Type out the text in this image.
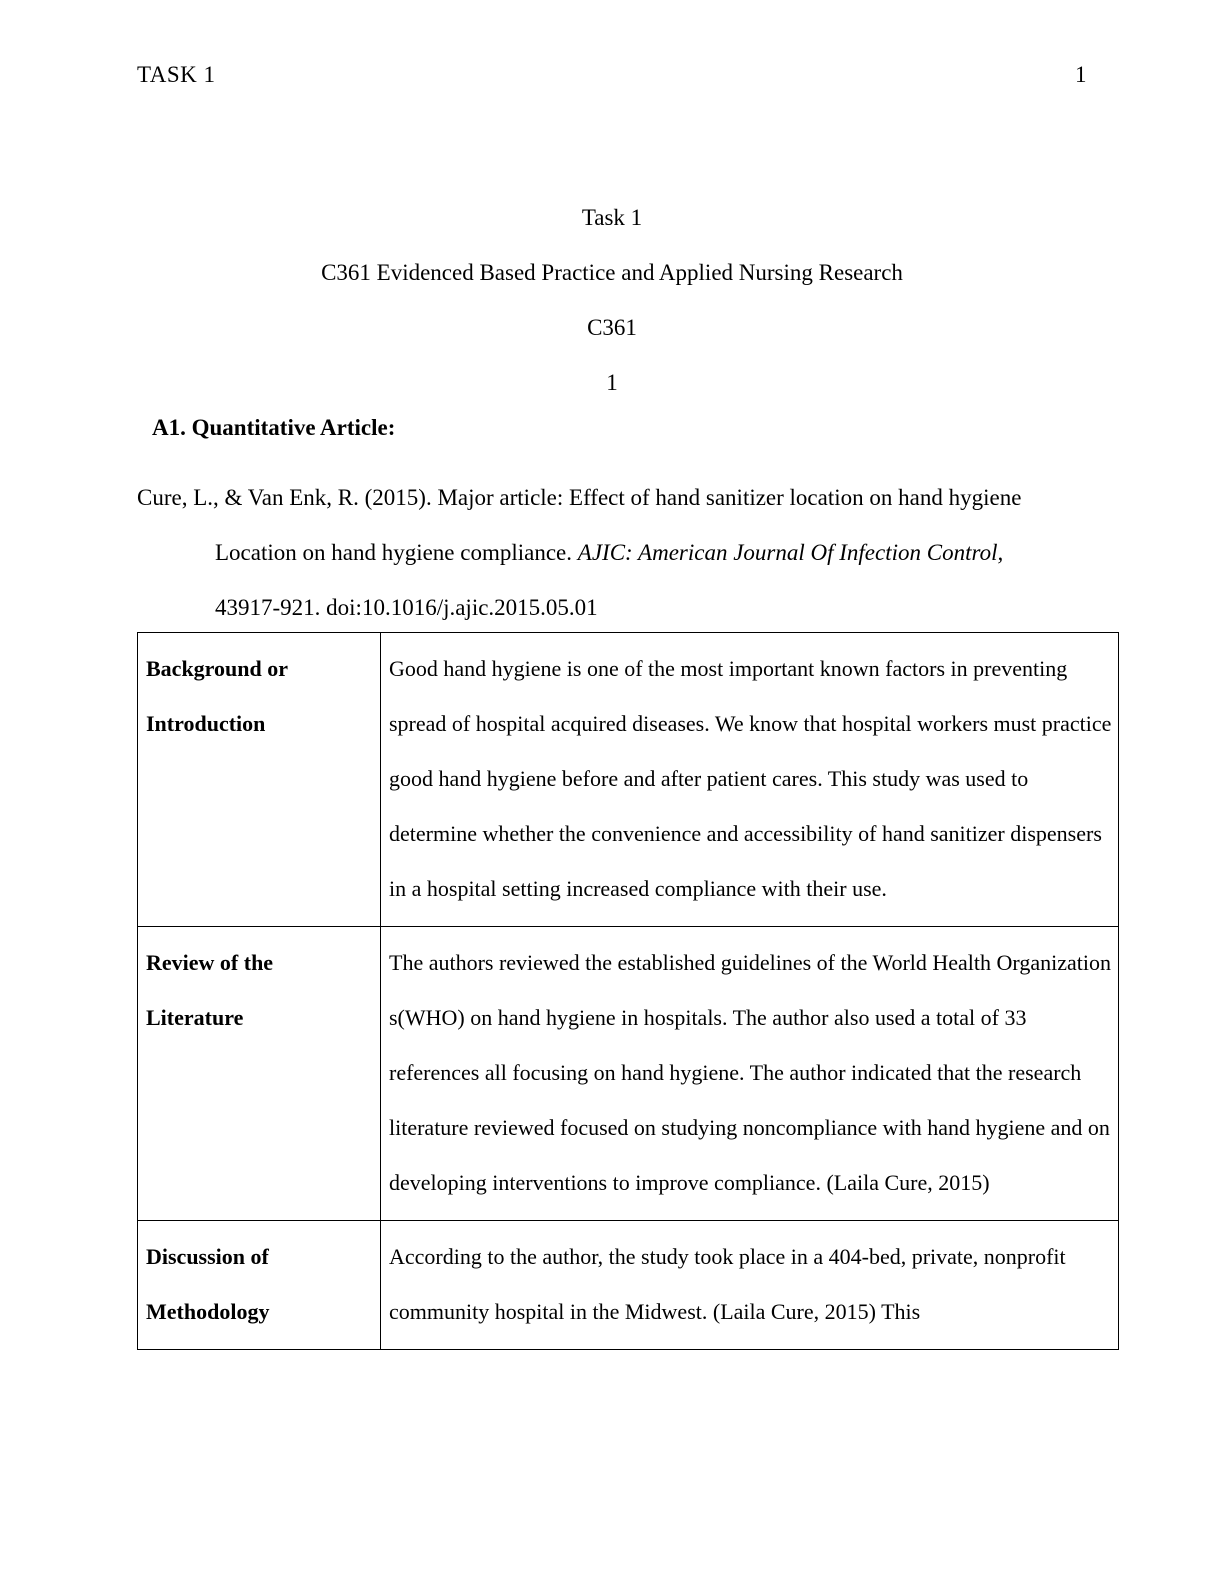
TASK 1	1
Task 1
C361 Evidenced Based Practice and Applied Nursing Research
C361
1
A1. Quantitative Article:
Cure, L., & Van Enk, R. (2015). Major article: Effect of hand sanitizer location on hand hygiene
Location on hand hygiene compliance. AJIC: American Journal Of Infection Control,
43917-921. doi:10.1016/j.ajic.2015.05.01
Background or Introduction	Good hand hygiene is one of the most important known factors in preventing spread of hospital acquired diseases. We know that hospital workers must practice good hand hygiene before and after patient cares. This study was used to determine whether the convenience and accessibility of hand sanitizer dispensers in a hospital setting increased compliance with their use.
Review of the Literature	The authors reviewed the established guidelines of the World Health Organization s(WHO) on hand hygiene in hospitals. The author also used a total of 33 references all focusing on hand hygiene. The author indicated that the research literature reviewed focused on studying noncompliance with hand hygiene and on developing interventions to improve compliance. (Laila Cure, 2015)
Discussion of Methodology	According to the author, the study took place in a 404-bed, private, nonprofit community hospital in the Midwest. (Laila Cure, 2015) This
